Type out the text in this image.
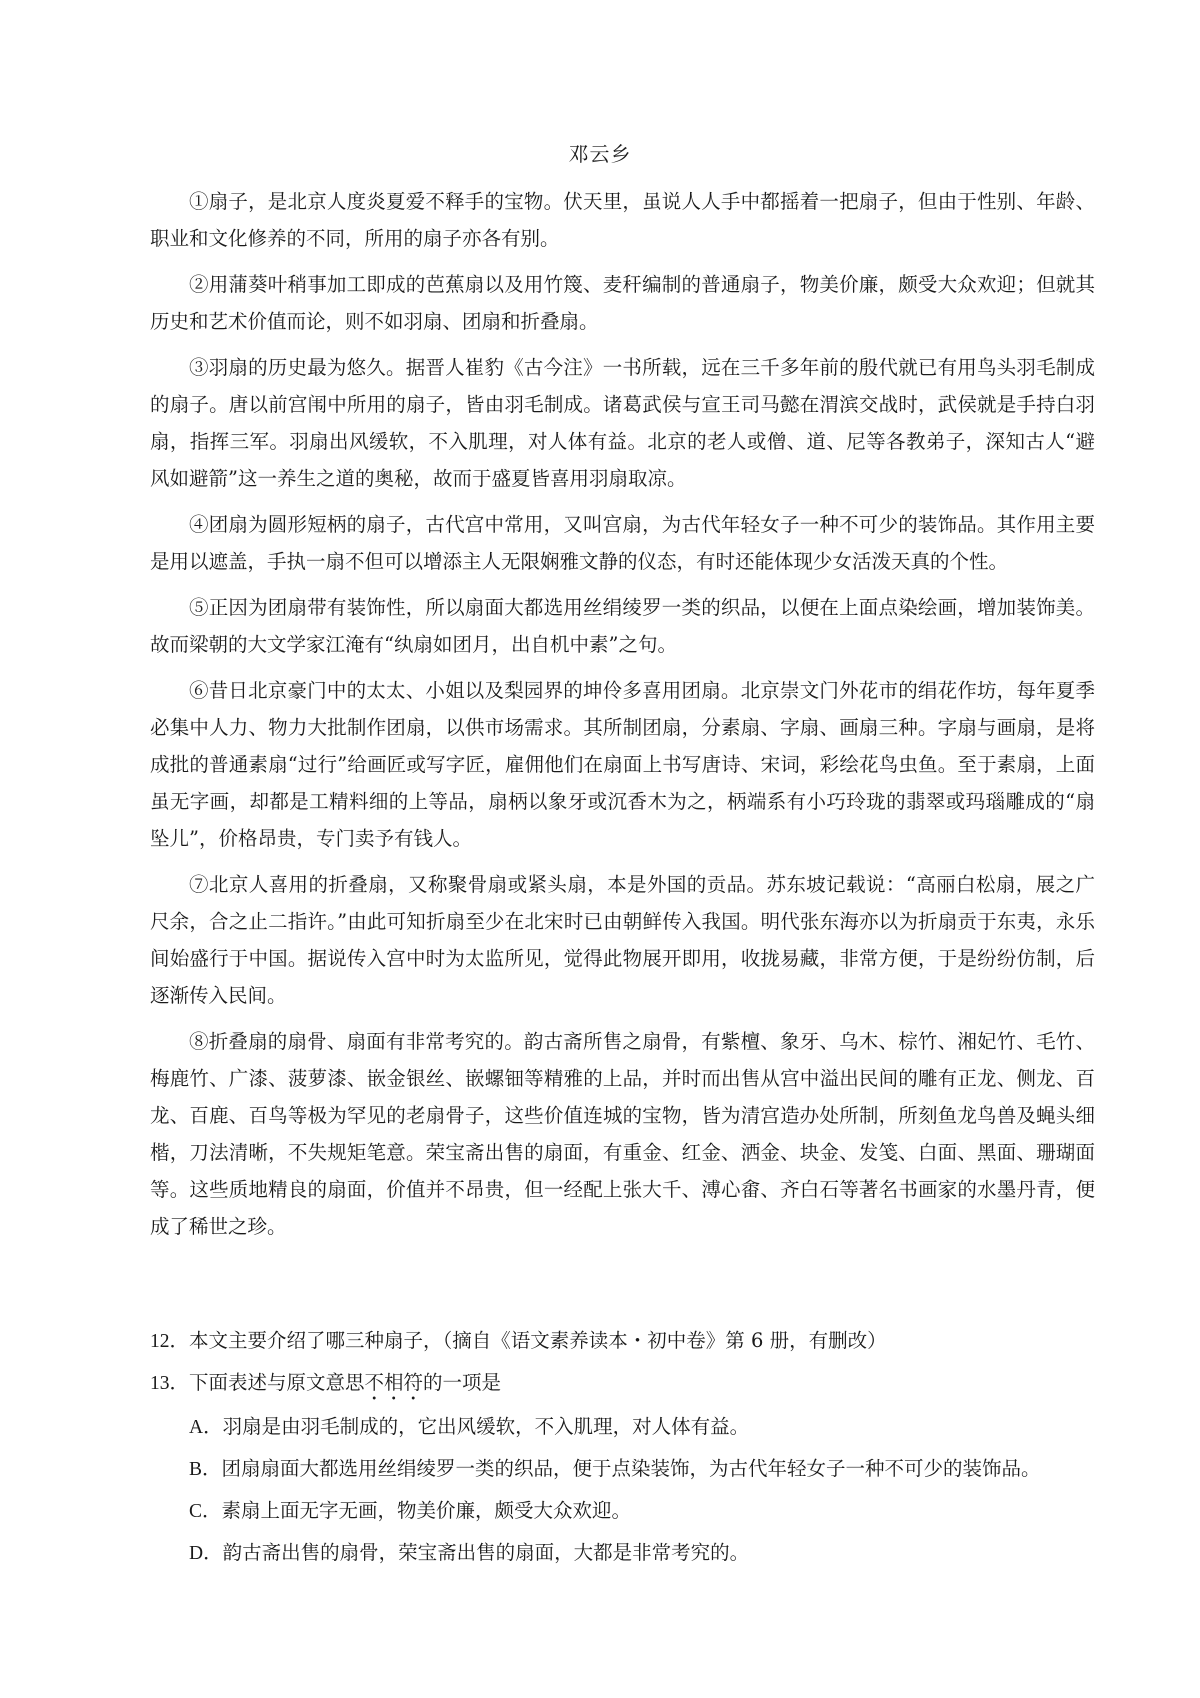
邓云乡

①扇子，是北京人度炎夏爱不释手的宝物。伏天里，虽说人人手中都摇着一把扇子，但由于性别、年龄、职业和文化修养的不同，所用的扇子亦各有别。

②用蒲葵叶稍事加工即成的芭蕉扇以及用竹篾、麦秆编制的普通扇子，物美价廉，颇受大众欢迎；但就其历史和艺术价值而论，则不如羽扇、团扇和折叠扇。

③羽扇的历史最为悠久。据晋人崔豹《古今注》一书所载，远在三千多年前的殷代就已有用鸟头羽毛制成的扇子。唐以前宫闱中所用的扇子，皆由羽毛制成。诸葛武侯与宣王司马懿在渭滨交战时，武侯就是手持白羽扇，指挥三军。羽扇出风缓软，不入肌理，对人体有益。北京的老人或僧、道、尼等各教弟子，深知古人“避风如避箭”这一养生之道的奥秘，故而于盛夏皆喜用羽扇取凉。

④团扇为圆形短柄的扇子，古代宫中常用，又叫宫扇，为古代年轻女子一种不可少的装饰品。其作用主要是用以遮盖，手执一扇不但可以增添主人无限娴雅文静的仪态，有时还能体现少女活泼天真的个性。

⑤正因为团扇带有装饰性，所以扇面大都选用丝绢绫罗一类的织品，以便在上面点染绘画，增加装饰美。故而梁朝的大文学家江淹有“纨扇如团月，出自机中素”之句。

⑥昔日北京豪门中的太太、小姐以及梨园界的坤伶多喜用团扇。北京崇文门外花市的绢花作坊，每年夏季必集中人力、物力大批制作团扇，以供市场需求。其所制团扇，分素扇、字扇、画扇三种。字扇与画扇，是将成批的普通素扇“过行”给画匠或写字匠，雇佣他们在扇面上书写唐诗、宋词，彩绘花鸟虫鱼。至于素扇，上面虽无字画，却都是工精料细的上等品，扇柄以象牙或沉香木为之，柄端系有小巧玲珑的翡翠或玛瑙雕成的“扇坠儿”，价格昂贵，专门卖予有钱人。

⑦北京人喜用的折叠扇，又称聚骨扇或紧头扇，本是外国的贡品。苏东坡记载说：“高丽白松扇，展之广尺余，合之止二指许。”由此可知折扇至少在北宋时已由朝鲜传入我国。明代张东海亦以为折扇贡于东夷，永乐间始盛行于中国。据说传入宫中时为太监所见，觉得此物展开即用，收拢易藏，非常方便，于是纷纷仿制，后逐渐传入民间。

⑧折叠扇的扇骨、扇面有非常考究的。韵古斋所售之扇骨，有紫檀、象牙、乌木、棕竹、湘妃竹、毛竹、梅鹿竹、广漆、菠萝漆、嵌金银丝、嵌螺钿等精雅的上品，并时而出售从宫中溢出民间的雕有正龙、侧龙、百龙、百鹿、百鸟等极为罕见的老扇骨子，这些价值连城的宝物，皆为清宫造办处所制，所刻鱼龙鸟兽及蝇头细楷，刀法清晰，不失规矩笔意。荣宝斋出售的扇面，有重金、红金、洒金、块金、发笺、白面、黑面、珊瑚面等。这些质地精良的扇面，价值并不昂贵，但一经配上张大千、溥心畬、齐白石等著名书画家的水墨丹青，便成了稀世之珍。

12．本文主要介绍了哪三种扇子，（摘自《语文素养读本・初中卷》第 6 册，有删改）
13．下面表述与原文意思不相符的一项是
A．羽扇是由羽毛制成的，它出风缓软，不入肌理，对人体有益。
B．团扇扇面大都选用丝绢绫罗一类的织品，便于点染装饰，为古代年轻女子一种不可少的装饰品。
C．素扇上面无字无画，物美价廉，颇受大众欢迎。
D．韵古斋出售的扇骨，荣宝斋出售的扇面，大都是非常考究的。
